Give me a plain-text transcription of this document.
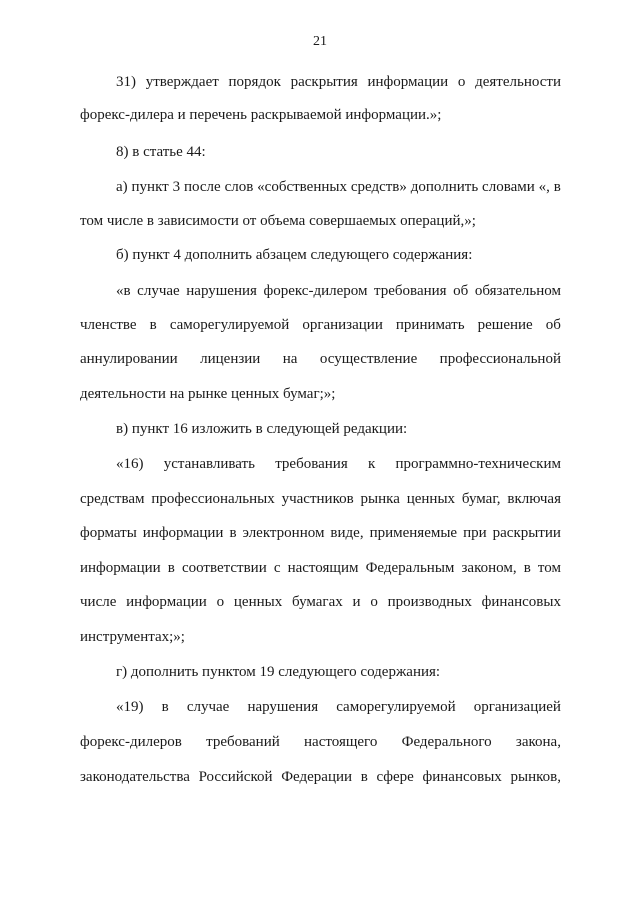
21
31) утверждает порядок раскрытия информации о деятельности
форекс-дилера и перечень раскрываемой информации.»;
8) в статье 44:
а) пункт 3 после слов «собственных средств» дополнить словами «, в
том числе в зависимости от объема совершаемых операций,»;
б) пункт 4 дополнить абзацем следующего содержания:
«в случае нарушения форекс-дилером требования об обязательном
членстве в саморегулируемой организации принимать решение об
аннулировании лицензии на осуществление профессиональной
деятельности на рынке ценных бумаг;»;
в) пункт 16 изложить в следующей редакции:
«16) устанавливать требования к программно-техническим
средствам профессиональных участников рынка ценных бумаг, включая
форматы информации в электронном виде, применяемые при раскрытии
информации в соответствии с настоящим Федеральным законом, в том
числе информации о ценных бумагах и о производных финансовых
инструментах;»;
г) дополнить пунктом 19 следующего содержания:
«19) в случае нарушения саморегулируемой организацией
форекс-дилеров требований настоящего Федерального закона,
законодательства Российской Федерации в сфере финансовых рынков,
